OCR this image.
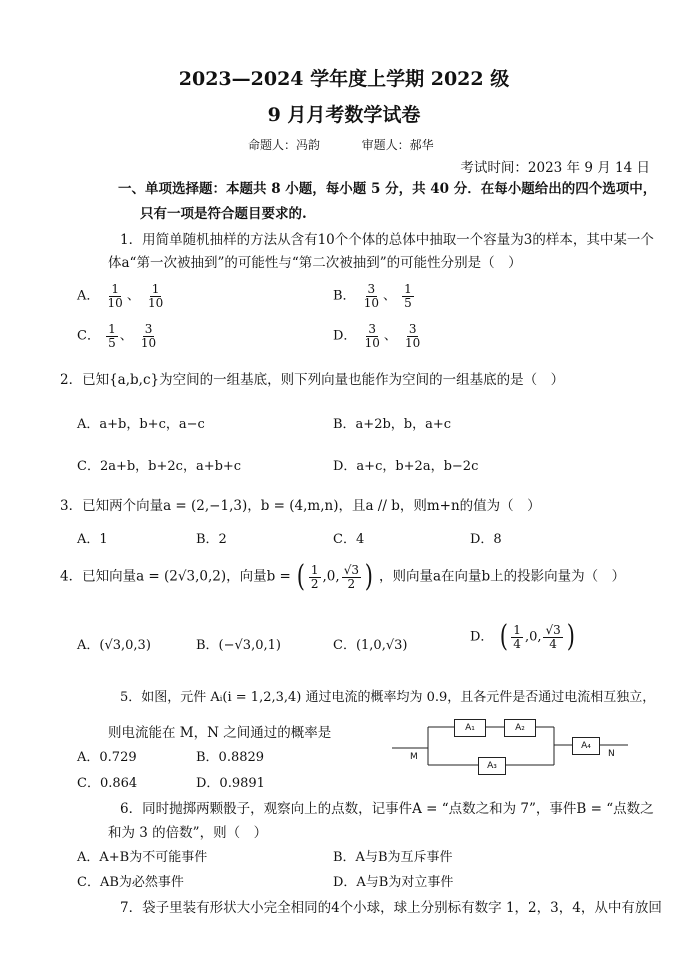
2023—2024 学年度上学期 2022 级
9 月月考数学试卷
命题人：冯韵	审题人：郝华
考试时间：2023 年 9 月 14 日
一、单项选择题：本题共 8 小题，每小题 5 分，共 40 分．在每小题给出的四个选项中，
只有一项是符合题目要求的.
1．用简单随机抽样的方法从含有10个个体的总体中抽取一个容量为3的样本，其中某一个
体a“第一次被抽到”的可能性与“第二次被抽到”的可能性分别是（　）
A． $\frac{1}{10}$ 、 $\frac{1}{10}$	B． $\frac{3}{10}$ 、 $\frac{1}{5}$
C． $\frac{1}{5}$ 、 $\frac{3}{10}$	D． $\frac{3}{10}$ 、 $\frac{3}{10}$
2．已知{a,b,c}为空间的一组基底，则下列向量也能作为空间的一组基底的是（　）
A．a+b，b+c，a−c	B．a+2b，b，a+c
C．2a+b，b+2c，a+b+c	D．a+c，b+2a，b−2c
3．已知两个向量a = (2,−1,3)，b = (4,m,n)，且a // b，则m+n的值为（　）
A．1	B．2	C．4	D．8
4．已知向量a = (2√3,0,2)，向量b = ( $\frac{1}{2} ,0$, $\frac{√3}{2}$ ) ，则向量a在向量b上的投影向量为（　）
A．(√3,0,3)	B．(−√3,0,1)	C．(1,0,√3)
D． ( $\frac{1}{4} ,0$, $\frac{√3}{4}$ )
5．如图，元件 Aᵢ(i = 1,2,3,4) 通过电流的概率均为 0.9，且各元件是否通过电流相互独立，
则电流能在 M，N 之间通过的概率是
A．0.729	B．0.8829
C．0.864	D．0.9891
A₁	A₂
A₃
A₄
M	N
6．同时抛掷两颗骰子，观察向上的点数，记事件A = “点数之和为 7”，事件B = “点数之
和为 3 的倍数”，则（　）
A．A+B为不可能事件	B．A与B为互斥事件
C．AB为必然事件	D．A与B为对立事件
7．袋子里装有形状大小完全相同的4个小球，球上分别标有数字 1，2，3，4，从中有放回
